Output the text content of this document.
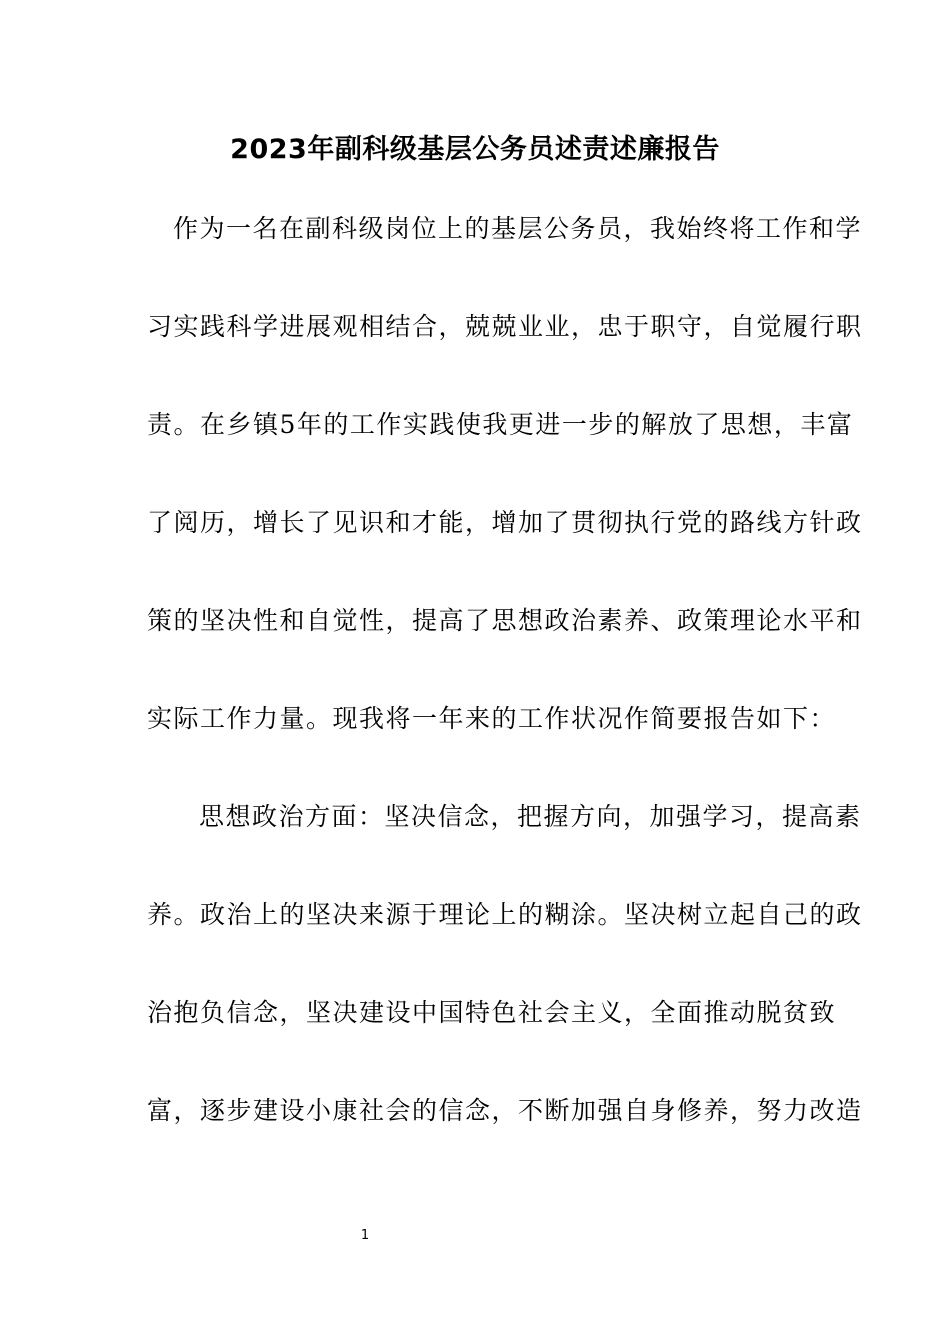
2023年副科级基层公务员述责述廉报告
作为一名在副科级岗位上的基层公务员，我始终将工作和学
习实践科学进展观相结合，兢兢业业，忠于职守，自觉履行职
责。在乡镇5年的工作实践使我更进一步的解放了思想，丰富
了阅历，增长了见识和才能，增加了贯彻执行党的路线方针政
策的坚决性和自觉性，提高了思想政治素养、政策理论水平和
实际工作力量。现我将一年来的工作状况作简要报告如下：
思想政治方面：坚决信念，把握方向，加强学习，提高素
养。政治上的坚决来源于理论上的糊涂。坚决树立起自己的政
治抱负信念，坚决建设中国特色社会主义，全面推动脱贫致
富，逐步建设小康社会的信念，不断加强自身修养，努力改造
1
